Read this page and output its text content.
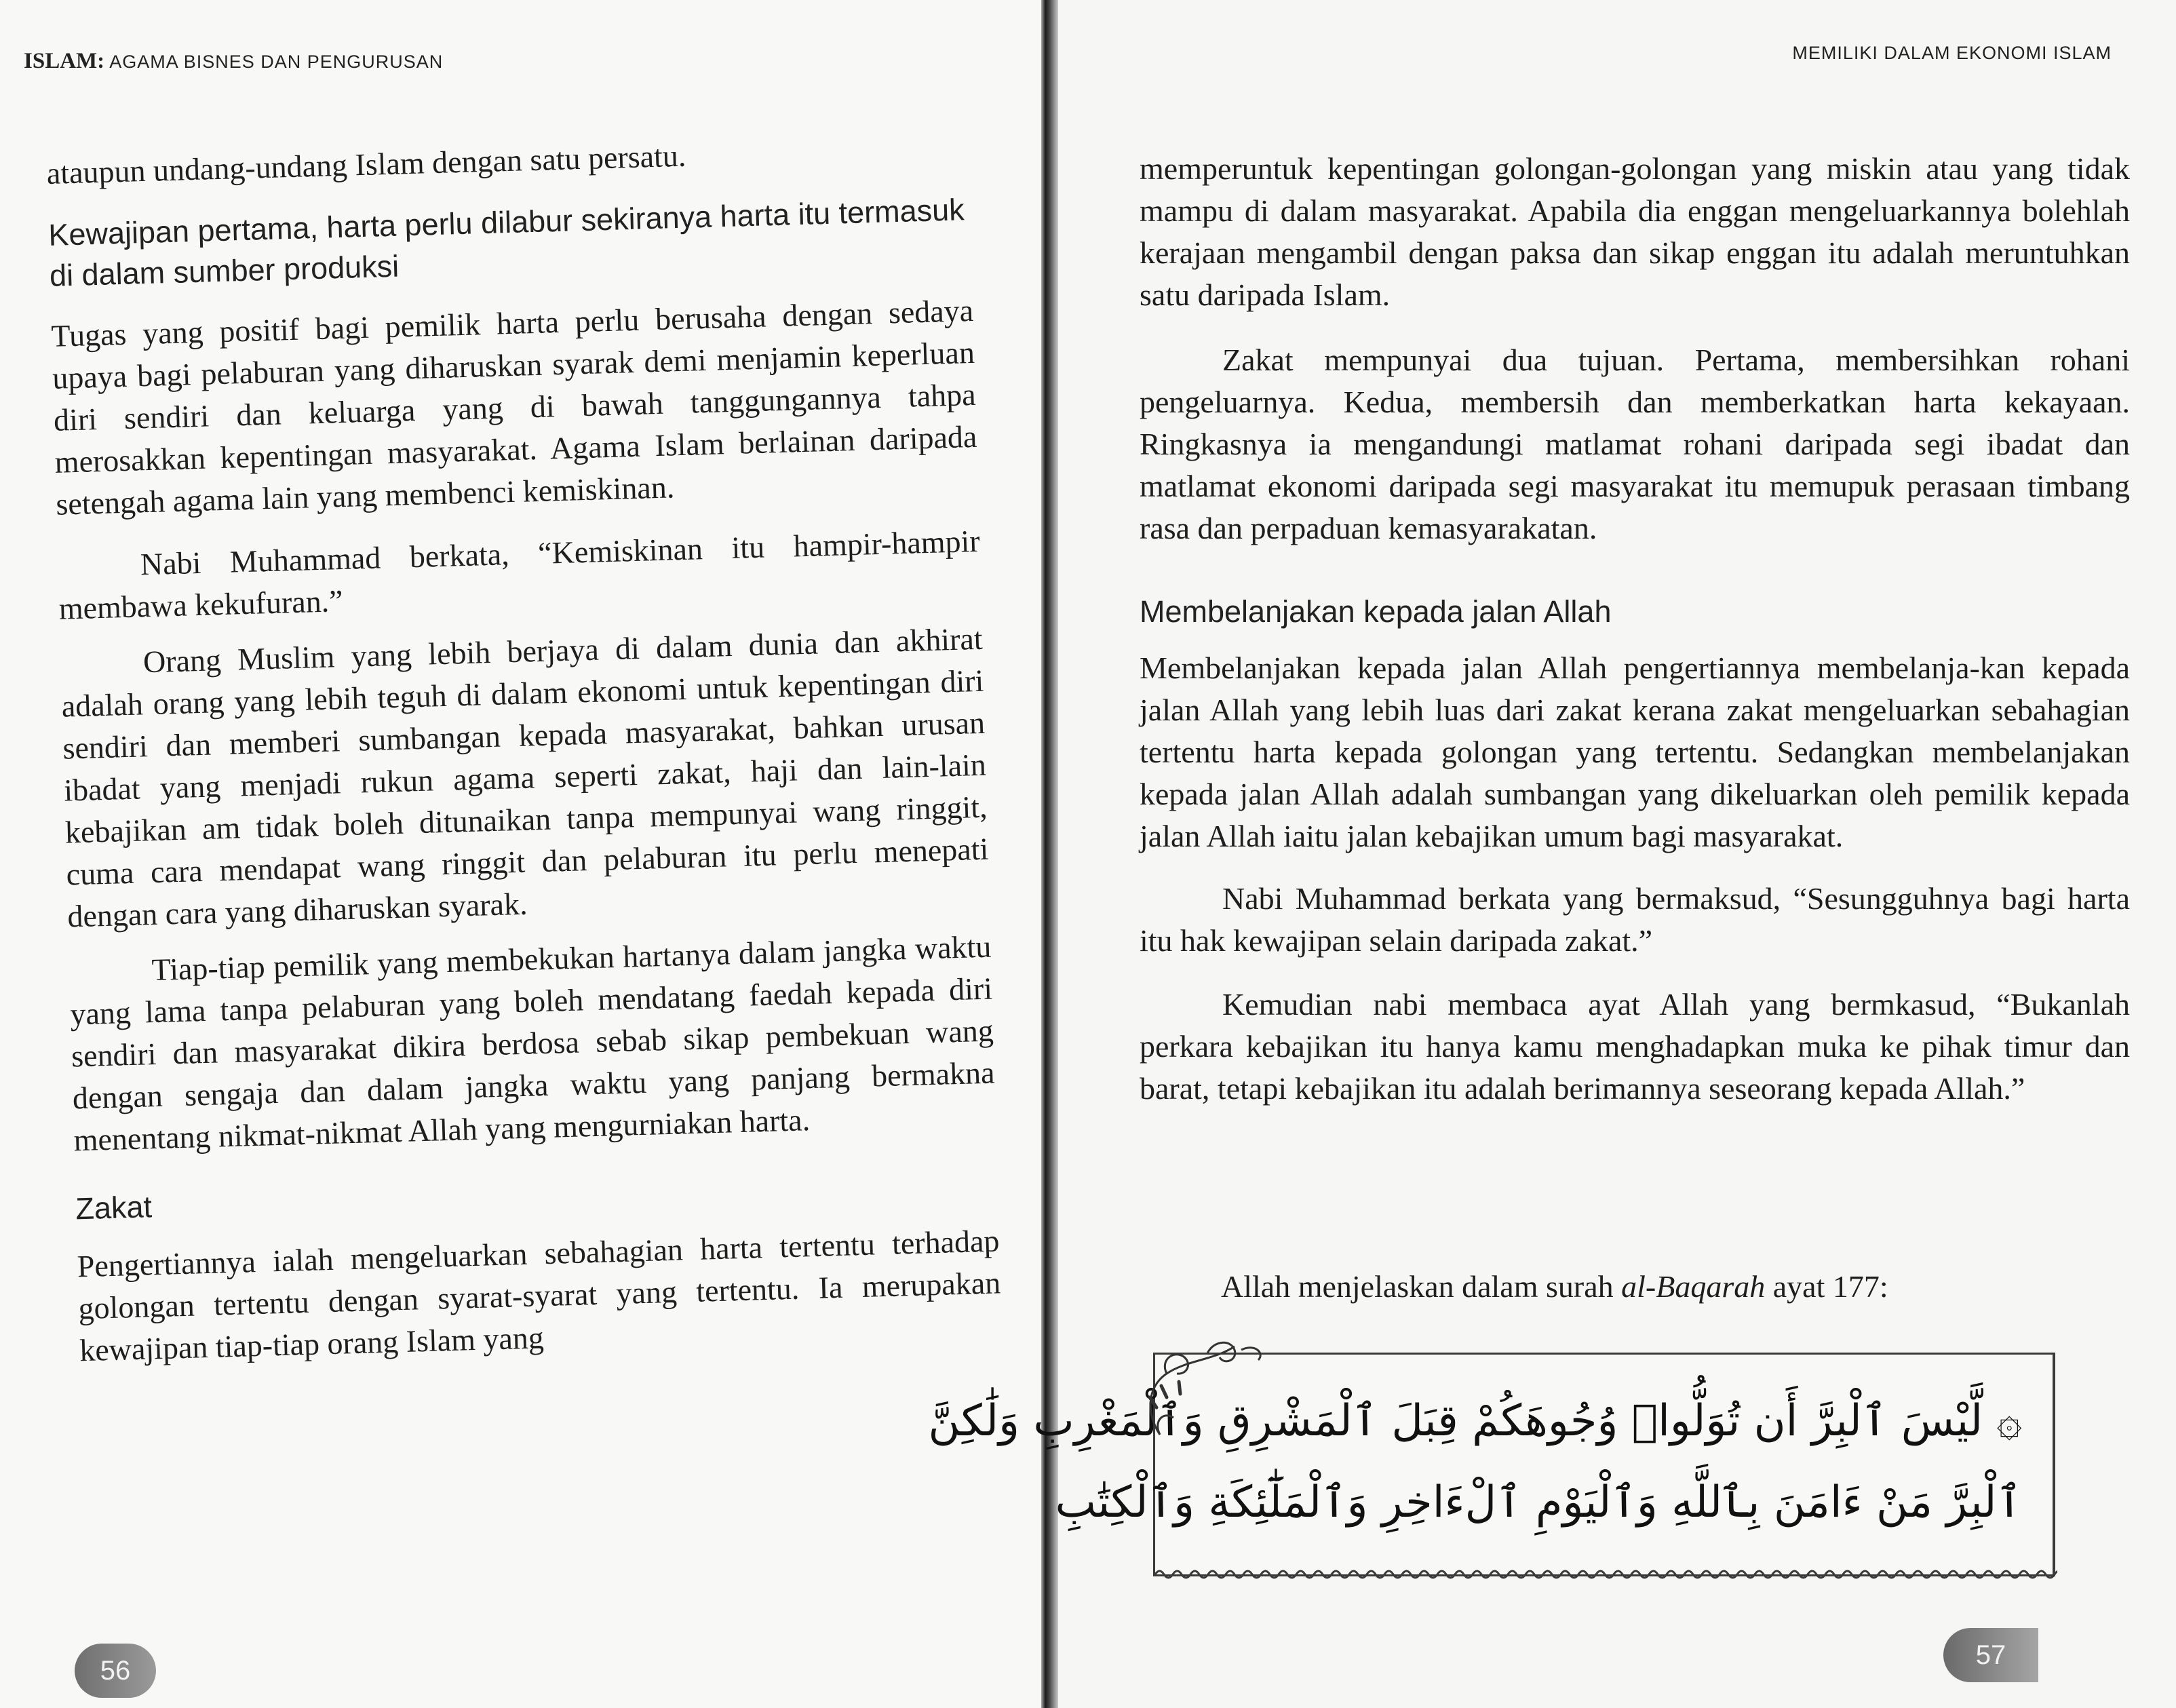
ISLAM: AGAMA BISNES DAN PENGURUSAN

ataupun undang-undang Islam dengan satu persatu.

Kewajipan pertama, harta perlu dilabur sekiranya harta itu termasuk di dalam sumber produksi

Tugas yang positif bagi pemilik harta perlu berusaha dengan sedaya upaya bagi pelaburan yang diharuskan syarak demi menjamin keperluan diri sendiri dan keluarga yang di bawah tanggungannya tahpa merosakkan kepentingan masyarakat. Agama Islam berlainan daripada setengah agama lain yang membenci kemiskinan.

Nabi Muhammad berkata, “Kemiskinan itu hampir-hampir membawa kekufuran.”

Orang Muslim yang lebih berjaya di dalam dunia dan akhirat adalah orang yang lebih teguh di dalam ekonomi untuk kepentingan diri sendiri dan memberi sumbangan kepada masyarakat, bahkan urusan ibadat yang menjadi rukun agama seperti zakat, haji dan lain-lain kebajikan am tidak boleh ditunaikan tanpa mempunyai wang ringgit, cuma cara mendapat wang ringgit dan pelaburan itu perlu menepati dengan cara yang diharuskan syarak.

Tiap-tiap pemilik yang membekukan hartanya dalam jangka waktu yang lama tanpa pelaburan yang boleh mendatang faedah kepada diri sendiri dan masyarakat dikira berdosa sebab sikap pembekuan wang dengan sengaja dan dalam jangka waktu yang panjang bermakna menentang nikmat-nikmat Allah yang mengurniakan harta.

Zakat

Pengertiannya ialah mengeluarkan sebahagian harta tertentu terhadap golongan tertentu dengan syarat-syarat yang tertentu. Ia merupakan kewajipan tiap-tiap orang Islam yang

56
MEMILIKI DALAM EKONOMI ISLAM

memperuntuk kepentingan golongan-golongan yang miskin atau yang tidak mampu di dalam masyarakat. Apabila dia enggan mengeluarkannya bolehlah kerajaan mengambil dengan paksa dan sikap enggan itu adalah meruntuhkan satu daripada Islam.

Zakat mempunyai dua tujuan. Pertama, membersihkan rohani pengeluarnya. Kedua, membersih dan memberkatkan harta kekayaan. Ringkasnya ia mengandungi matlamat rohani daripada segi ibadat dan matlamat ekonomi daripada segi masyarakat itu memupuk perasaan timbang rasa dan perpaduan kemasyarakatan.

Membelanjakan kepada jalan Allah

Membelanjakan kepada jalan Allah pengertiannya membelanja-kan kepada jalan Allah yang lebih luas dari zakat kerana zakat mengeluarkan sebahagian tertentu harta kepada golongan yang tertentu. Sedangkan membelanjakan kepada jalan Allah adalah sumbangan yang dikeluarkan oleh pemilik kepada jalan Allah iaitu jalan kebajikan umum bagi masyarakat.

Nabi Muhammad berkata yang bermaksud, “Sesungguhnya bagi harta itu hak kewajipan selain daripada zakat.”

Kemudian nabi membaca ayat Allah yang bermkasud, “Bukanlah perkara kebajikan itu hanya kamu menghadapkan muka ke pihak timur dan barat, tetapi kebajikan itu adalah berimannya seseorang kepada Allah.”

Allah menjelaskan dalam surah al-Baqarah ayat 177:

57
۞ لَّيْسَ ٱلْبِرَّ أَن تُوَلُّوا۟ وُجُوهَكُمْ قِبَلَ ٱلْمَشْرِقِ وَٱلْمَغْرِبِ وَلَٰكِنَّ
ٱلْبِرَّ مَنْ ءَامَنَ بِٱللَّهِ وَٱلْيَوْمِ ٱلْءَاخِرِ وَٱلْمَلَٰٓئِكَةِ وَٱلْكِتَٰبِ
